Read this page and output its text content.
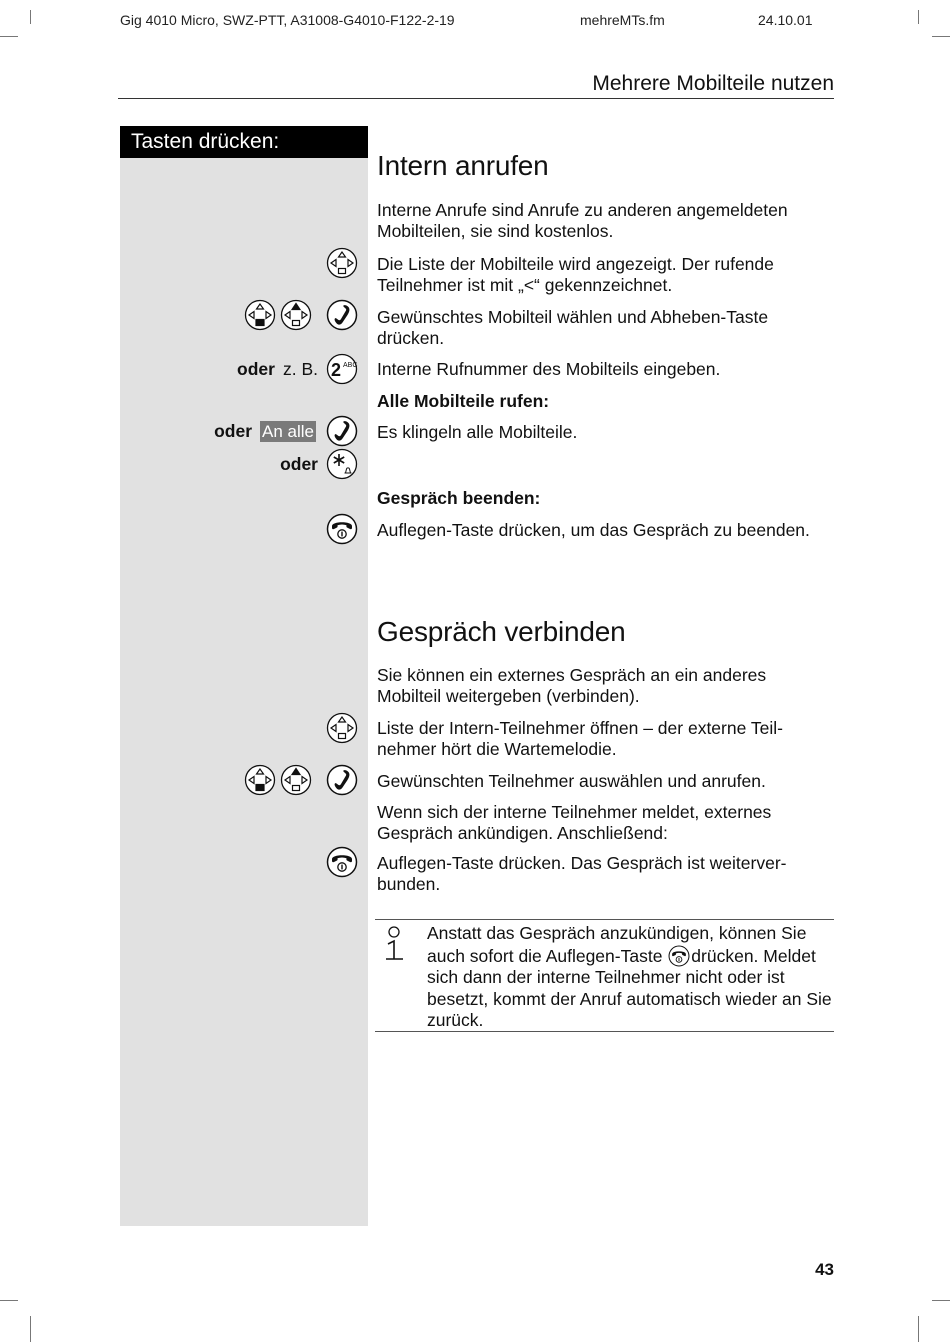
Gig 4010 Micro, SWZ-PTT, A31008-G4010-F122-2-19	mehreMTs.fm	24.10.01
Mehrere Mobilteile nutzen
Tasten drücken:
Intern anrufen
Interne Anrufe sind Anrufe zu anderen angemeldeten Mobilteilen, sie sind kostenlos.
Die Liste der Mobilteile wird angezeigt. Der rufende Teilnehmer ist mit „<“ gekennzeichnet.
Gewünschtes Mobilteil wählen und Abheben-Taste drücken.
oder z. B. 2 ABC Interne Rufnummer des Mobilteils eingeben.
Alle Mobilteile rufen:
oder An alle	Es klingeln alle Mobilteile.
oder
Gespräch beenden:
Auflegen-Taste drücken, um das Gespräch zu beenden.
Gespräch verbinden
Sie können ein externes Gespräch an ein anderes Mobilteil weitergeben (verbinden).
Liste der Intern-Teilnehmer öffnen – der externe Teil-nehmer hört die Wartemelodie.
Gewünschten Teilnehmer auswählen und anrufen.
Wenn sich der interne Teilnehmer meldet, externes Gespräch ankündigen. Anschließend:
Auflegen-Taste drücken. Das Gespräch ist weiterver-bunden.
Anstatt das Gespräch anzukündigen, können Sie auch sofort die Auflegen-Taste drücken. Meldet sich dann der interne Teilnehmer nicht oder ist besetzt, kommt der Anruf automatisch wieder an Sie zurück.
43
